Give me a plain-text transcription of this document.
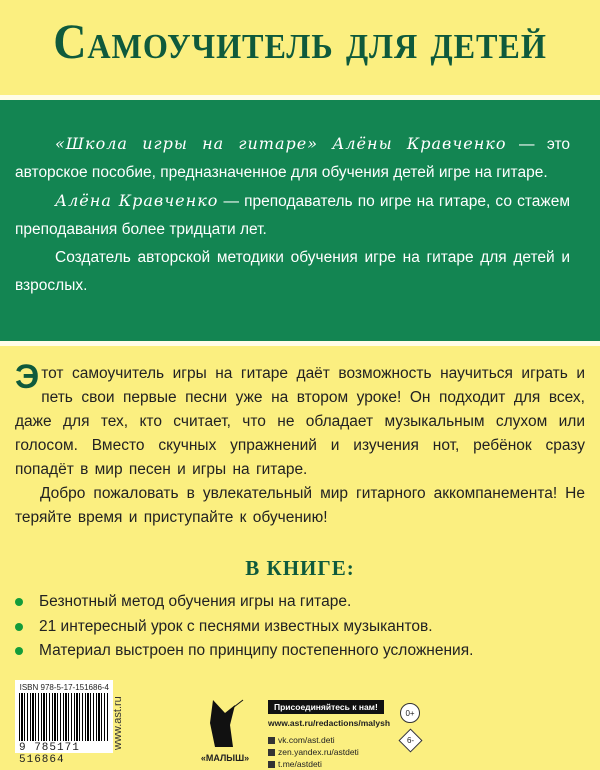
Самоучитель для детей

«Школа игры на гитаре» Алёны Кравченко — это авторское пособие, предназначенное для обучения детей игре на гитаре.

Алёна Кравченко — преподаватель по игре на гитаре, со стажем преподавания более тридцати лет.

Создатель авторской методики обучения игре на гитаре для детей и взрослых.

Этот самоучитель игры на гитаре даёт возможность научиться играть и петь свои первые песни уже на втором уроке! Он подходит для всех, даже для тех, кто считает, что не обладает музыкальным слухом или голосом. Вместо скучных упражнений и изучения нот, ребёнок сразу попадёт в мир песен и игры на гитаре.

Добро пожаловать в увлекательный мир гитарного аккомпанемента! Не теряйте время и приступайте к обучению!

В КНИГЕ:
Безнотный метод обучения игры на гитаре.
21 интересный урок с песнями известных музыкантов.
Материал выстроен по принципу постепенного усложнения.
ISBN 978-5-17-151686-4
9 785171 516864
www.ast.ru
«МАЛЫШ»
Присоединяйтесь к нам!
www.ast.ru/redactions/malysh
vk.com/ast.deti
zen.yandex.ru/astdeti
t.me/astdeti
0+
6-
